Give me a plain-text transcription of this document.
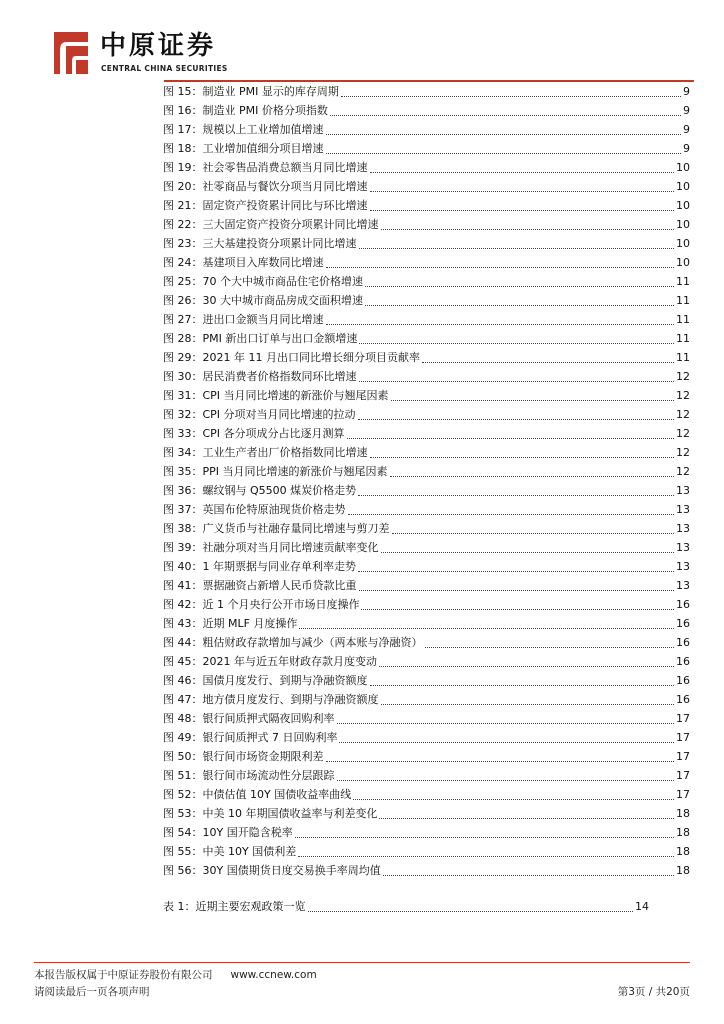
中原证券
CENTRAL CHINA SECURITIES
图 15：制造业 PMI 显示的库存周期	9
图 16：制造业 PMI 价格分项指数	9
图 17：规模以上工业增加值增速	9
图 18：工业增加值细分项目增速	9
图 19：社会零售品消费总额当月同比增速	10
图 20：社零商品与餐饮分项当月同比增速	10
图 21：固定资产投资累计同比与环比增速	10
图 22：三大固定资产投资分项累计同比增速	10
图 23：三大基建投资分项累计同比增速	10
图 24：基建项目入库数同比增速	10
图 25：70 个大中城市商品住宅价格增速	11
图 26：30 大中城市商品房成交面积增速	11
图 27：进出口金额当月同比增速	11
图 28：PMI 新出口订单与出口金额增速	11
图 29：2021 年 11 月出口同比增长细分项目贡献率	11
图 30：居民消费者价格指数同环比增速	12
图 31：CPI 当月同比增速的新涨价与翘尾因素	12
图 32：CPI 分项对当月同比增速的拉动	12
图 33：CPI 各分项成分占比逐月测算	12
图 34：工业生产者出厂价格指数同比增速	12
图 35：PPI 当月同比增速的新涨价与翘尾因素	12
图 36：螺纹钢与 Q5500 煤炭价格走势	13
图 37：英国布伦特原油现货价格走势	13
图 38：广义货币与社融存量同比增速与剪刀差	13
图 39：社融分项对当月同比增速贡献率变化	13
图 40：1 年期票据与同业存单利率走势	13
图 41：票据融资占新增人民币贷款比重	13
图 42：近 1 个月央行公开市场日度操作	16
图 43：近期 MLF 月度操作	16
图 44：粗估财政存款增加与减少（两本账与净融资）	16
图 45：2021 年与近五年财政存款月度变动	16
图 46：国债月度发行、到期与净融资额度	16
图 47：地方债月度发行、到期与净融资额度	16
图 48：银行间质押式隔夜回购利率	17
图 49：银行间质押式 7 日回购利率	17
图 50：银行间市场资金期限利差	17
图 51：银行间市场流动性分层跟踪	17
图 52：中债估值 10Y 国债收益率曲线	17
图 53：中美 10 年期国债收益率与利差变化	18
图 54：10Y 国开隐含税率	18
图 55：中美 10Y 国债利差	18
图 56：30Y 国债期货日度交易换手率周均值	18
表 1：近期主要宏观政策一览	14
本报告版权属于中原证券股份有限公司 www.ccnew.com
请阅读最后一页各项声明	第3页 / 共20页
